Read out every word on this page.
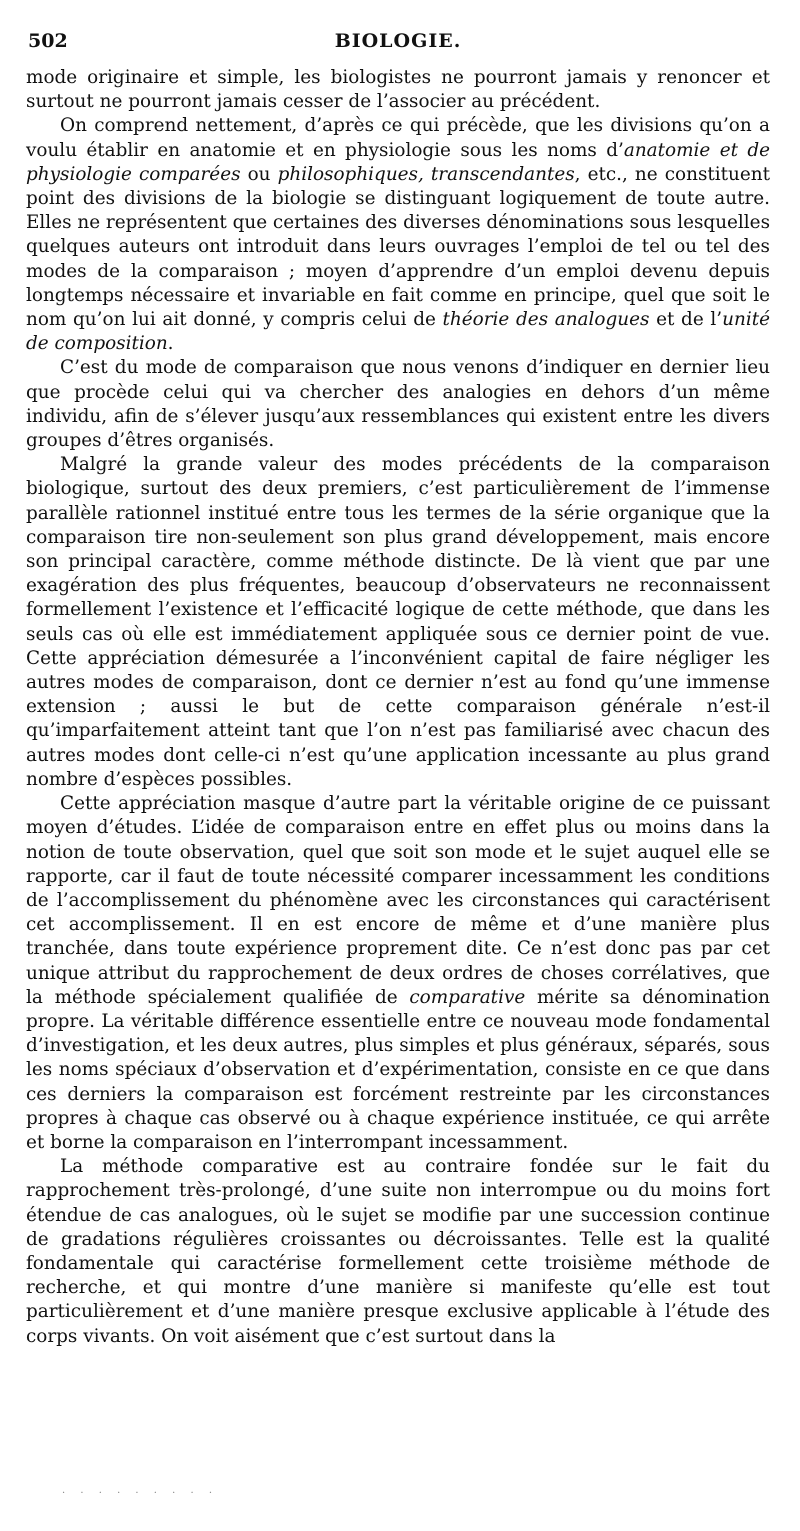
502	BIOLOGIE.

mode originaire et simple, les biologistes ne pourront jamais y renoncer et surtout ne pourront jamais cesser de l’associer au précédent.

On comprend nettement, d’après ce qui précède, que les divisions qu’on a voulu établir en anatomie et en physiologie sous les noms d’anatomie et de physiologie comparées ou philosophiques, transcendantes, etc., ne constituent point des divisions de la biologie se distinguant logiquement de toute autre. Elles ne représentent que certaines des diverses dénominations sous lesquelles quelques auteurs ont introduit dans leurs ouvrages l’emploi de tel ou tel des modes de la comparaison ; moyen d’apprendre d’un emploi devenu depuis longtemps nécessaire et invariable en fait comme en principe, quel que soit le nom qu’on lui ait donné, y compris celui de théorie des analogues et de l’unité de composition.

C’est du mode de comparaison que nous venons d’indiquer en dernier lieu que procède celui qui va chercher des analogies en dehors d’un même individu, afin de s’élever jusqu’aux ressemblances qui existent entre les divers groupes d’êtres organisés.

Malgré la grande valeur des modes précédents de la comparaison biologique, surtout des deux premiers, c’est particulièrement de l’immense parallèle rationnel institué entre tous les termes de la série organique que la comparaison tire non-seulement son plus grand développement, mais encore son principal caractère, comme méthode distincte. De là vient que par une exagération des plus fréquentes, beaucoup d’observateurs ne reconnaissent formellement l’existence et l’efficacité logique de cette méthode, que dans les seuls cas où elle est immédiatement appliquée sous ce dernier point de vue. Cette appréciation démesurée a l’inconvénient capital de faire négliger les autres modes de comparaison, dont ce dernier n’est au fond qu’une immense extension ; aussi le but de cette comparaison générale n’est-il qu’imparfaitement atteint tant que l’on n’est pas familiarisé avec chacun des autres modes dont celle-ci n’est qu’une application incessante au plus grand nombre d’espèces possibles.

Cette appréciation masque d’autre part la véritable origine de ce puissant moyen d’études. L’idée de comparaison entre en effet plus ou moins dans la notion de toute observation, quel que soit son mode et le sujet auquel elle se rapporte, car il faut de toute nécessité comparer incessamment les conditions de l’accomplissement du phénomène avec les circonstances qui caractérisent cet accomplissement. Il en est encore de même et d’une manière plus tranchée, dans toute expérience proprement dite. Ce n’est donc pas par cet unique attribut du rapprochement de deux ordres de choses corrélatives, que la méthode spécialement qualifiée de comparative mérite sa dénomination propre. La véritable différence essentielle entre ce nouveau mode fondamental d’investigation, et les deux autres, plus simples et plus généraux, séparés, sous les noms spéciaux d’observation et d’expérimentation, consiste en ce que dans ces derniers la comparaison est forcément restreinte par les circonstances propres à chaque cas observé ou à chaque expérience instituée, ce qui arrête et borne la comparaison en l’interrompant incessamment.

La méthode comparative est au contraire fondée sur le fait du rapprochement très-prolongé, d’une suite non interrompue ou du moins fort étendue de cas analogues, où le sujet se modifie par une succession continue de gradations régulières croissantes ou décroissantes. Telle est la qualité fondamentale qui caractérise formellement cette troisième méthode de recherche, et qui montre d’une manière si manifeste qu’elle est tout particulièrement et d’une manière presque exclusive applicable à l’étude des corps vivants. On voit aisément que c’est surtout dans la

· · · · · · · · ·
